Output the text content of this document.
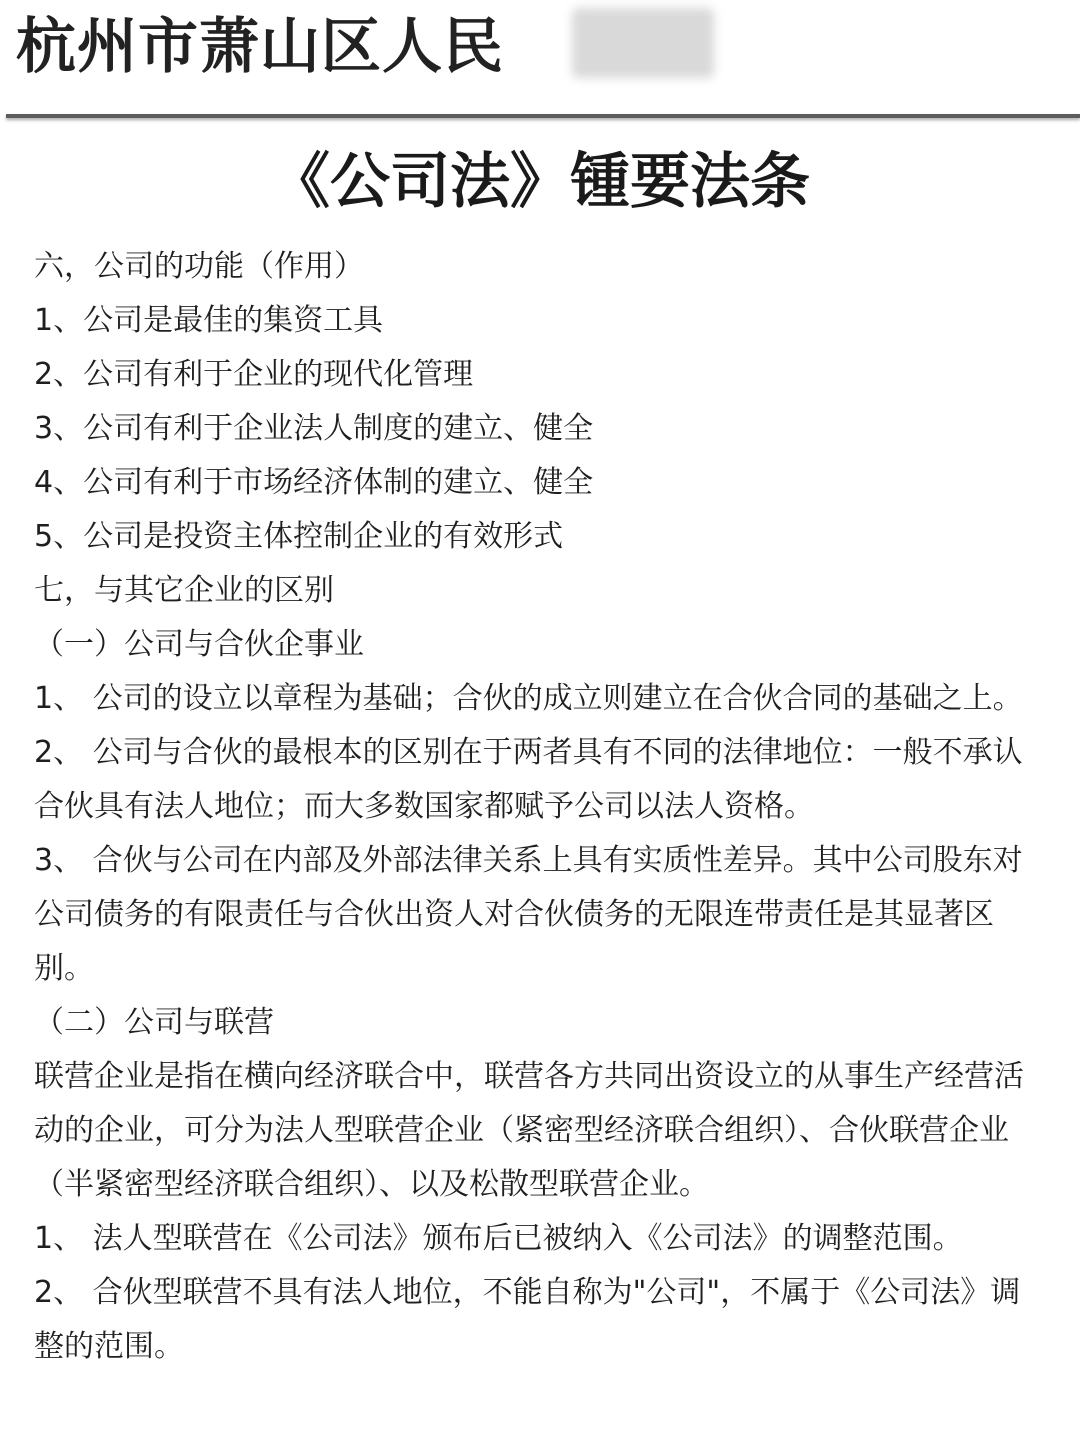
杭州市萧山区人民
《公司法》锺要法条

六，公司的功能（作用）

1、公司是最佳的集资工具

2、公司有利于企业的现代化管理

3、公司有利于企业法人制度的建立、健全

4、公司有利于市场经济体制的建立、健全

5、公司是投资主体控制企业的有效形式

七，与其它企业的区别

（一）公司与合伙企事业

1、 公司的设立以章程为基础；合伙的成立则建立在合伙合同的基础之上。

2、 公司与合伙的最根本的区别在于两者具有不同的法律地位：一般不承认合伙具有法人地位；而大多数国家都赋予公司以法人资格。

3、 合伙与公司在内部及外部法律关系上具有实质性差异。其中公司股东对公司债务的有限责任与合伙出资人对合伙债务的无限连带责任是其显著区别。

（二）公司与联营

联营企业是指在横向经济联合中，联营各方共同出资设立的从事生产经营活动的企业，可分为法人型联营企业（紧密型经济联合组织）、合伙联营企业（半紧密型经济联合组织）、以及松散型联营企业。

1、 法人型联营在《公司法》颁布后已被纳入《公司法》的调整范围。

2、 合伙型联营不具有法人地位，不能自称为"公司"，不属于《公司法》调整的范围。
